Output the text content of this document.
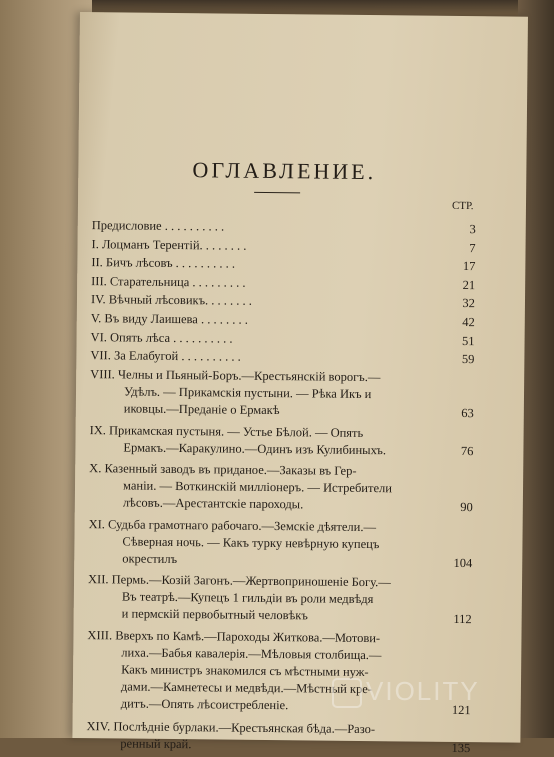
ОГЛАВЛЕНИЕ.
СТР.
Предисловие . . . . . . . . . .	3
I. Лоцманъ Терентій. . . . . . . .	7
II. Бичъ лѣсовъ . . . . . . . . . .	17
III. Старательница . . . . . . . . .	21
IV. Вѣчный лѣсовикъ. . . . . . . .	32
V. Въ виду Лаишева . . . . . . . .	42
VI. Опять лѣса . . . . . . . . . .	51
VII. За Елабугой . . . . . . . . . .	59
VIII. Челны и Пьяный-Боръ.—Крестьянскій ворогъ.—
Удѣлъ. — Прикамскія пустыни. — Рѣка Икъ и
иковцы.—Преданіе о Ермакѣ	63
IX. Прикамская пустыня. — Устье Бѣлой. — Опять
Ермакъ.—Каракулино.—Одинъ изъ Кулибиныхъ.	76
X. Казенный заводъ въ приданое.—Заказы въ Гер-
маніи. — Воткинскій милліонеръ. — Истребители
лѣсовъ.—Арестантскіе пароходы.	90
XI. Судьба грамотнаго рабочаго.—Земскіе дѣятели.—
Сѣверная ночь. — Какъ турку невѣрную купецъ
окрестилъ	104
XII. Пермь.—Козій Загонъ.—Жертвоприношеніе Богу.—
Въ театрѣ.—Купецъ 1 гильдіи въ роли медвѣдя
и пермскій первобытный человѣкъ	112
XIII. Вверхъ по Камѣ.—Пароходы Житкова.—Мотови-
лиха.—Бабья кавалерія.—Мѣловыя столбища.—
Какъ министръ знакомился съ мѣстными нуж-
дами.—Камнетесы и медвѣди.—Мѣстный кре-
дитъ.—Опять лѣсоистребленіе.	121
XIV. Послѣдніе бурлаки.—Крестьянская бѣда.—Разо-
ренный край.	135
VIOLITY
